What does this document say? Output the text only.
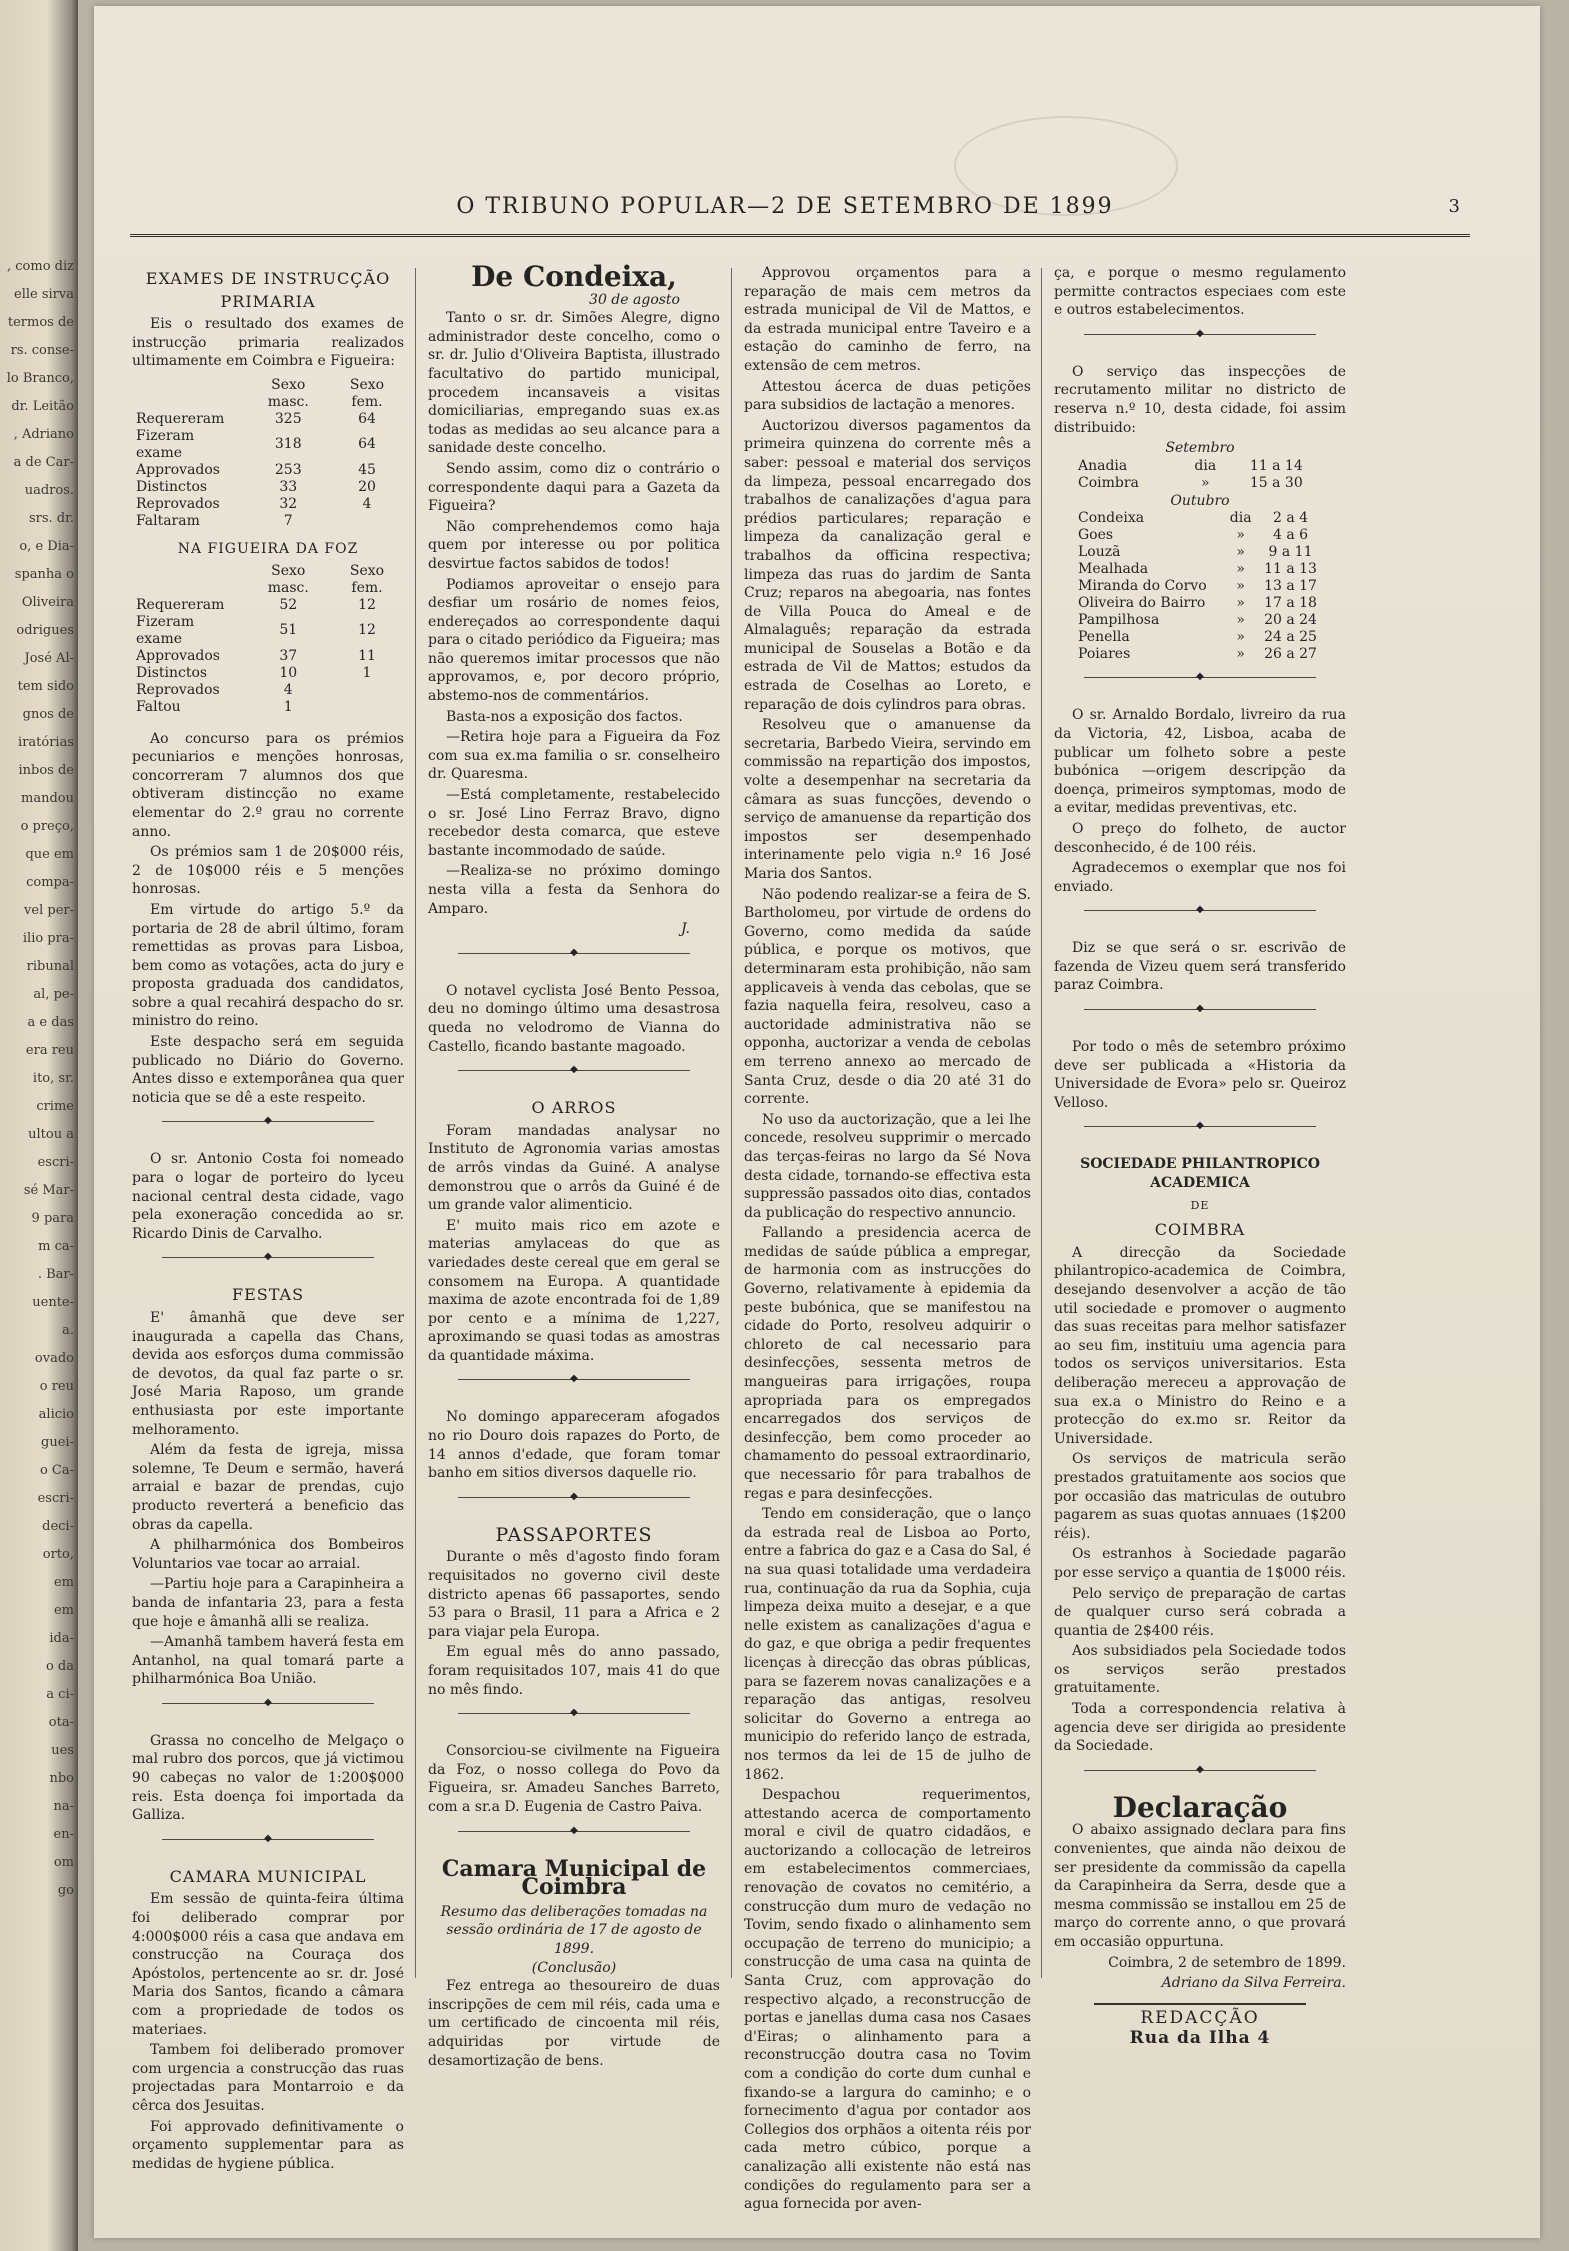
, como diz
elle sirva
termos de
rs. conse-
lo Branco,
dr. Leitão
, Adriano
a de Car-
uadros.
srs. dr.
o, e Dia-
spanha o
Oliveira
odrigues
José Al-
tem sido
gnos de
iratórias
inbos de
mandou
o preço,
que em
compa-
vel per-
ilio pra-
ribunal
al, pe-
a e das
era reu
ito, sr.
crime
ultou a
escri-
sé Mar-
9 para
m ca-
. Bar-
uente-
a.
ovado
o reu
alicio
guei-
o Ca-
escri-
deci-
orto,
em
em
ida-
o da
a ci-
ota-
ues
nbo
na-
en-
om
go
O TRIBUNO POPULAR—2 DE SETEMBRO DE 1899	3
EXAMES DE INSTRUCÇÃO
PRIMARIA

Eis o resultado dos exames de instrucção primaria realizados ultimamente em Coimbra e Figueira:

	Sexo masc.	Sexo fem.
Requereram	325	64
Fizeram exame	318	64
Approvados	253	45
Distinctos	33	20
Reprovados	32	4
Faltaram	7	
NA FIGUEIRA DA FOZ
	Sexo masc.	Sexo fem.
Requereram	52	12
Fizeram exame	51	12
Approvados	37	11
Distinctos	10	1
Reprovados	4	
Faltou	1	

Ao concurso para os prémios pecuniarios e menções honrosas, concorreram 7 alumnos dos que obtiveram distincção no exame elementar do 2.º grau no corrente anno.

Os prémios sam 1 de 20$000 réis, 2 de 10$000 réis e 5 menções honrosas.

Em virtude do artigo 5.º da portaria de 28 de abril último, foram remettidas as provas para Lisboa, bem como as votações, acta do jury e proposta graduada dos candidatos, sobre a qual recahirá despacho do sr. ministro do reino.

Este despacho será em seguida publicado no Diário do Governo. Antes disso e extemporânea qua quer noticia que se dê a este respeito.

◆

O sr. Antonio Costa foi nomeado para o logar de porteiro do lyceu nacional central desta cidade, vago pela exoneração concedida ao sr. Ricardo Dinis de Carvalho.

◆
FESTAS

E' âmanhã que deve ser inaugurada a capella das Chans, devida aos esforços duma commissão de devotos, da qual faz parte o sr. José Maria Raposo, um grande enthusiasta por este importante melhoramento.

Além da festa de igreja, missa solemne, Te Deum e sermão, haverá arraial e bazar de prendas, cujo producto reverterá a beneficio das obras da capella.

A philharmónica dos Bombeiros Voluntarios vae tocar ao arraial.

—Partiu hoje para a Carapinheira a banda de infantaria 23, para a festa que hoje e âmanhã alli se realiza.

—Amanhã tambem haverá festa em Antanhol, na qual tomará parte a philharmónica Boa União.

◆

Grassa no concelho de Melgaço o mal rubro dos porcos, que já victimou 90 cabeças no valor de 1:200$000 reis. Esta doença foi importada da Galliza.

◆
CAMARA MUNICIPAL

Em sessão de quinta-feira última foi deliberado comprar por 4:000$000 réis a casa que andava em construcção na Couraça dos Apóstolos, pertencente ao sr. dr. José Maria dos Santos, ficando a câmara com a propriedade de todos os materiaes.

Tambem foi deliberado promover com urgencia a construcção das ruas projectadas para Montarroio e da cêrca dos Jesuitas.

Foi approvado definitivamente o orçamento supplementar para as medidas de hygiene pública.

De Condeixa,
30 de agosto

Tanto o sr. dr. Simões Alegre, digno administrador deste concelho, como o sr. dr. Julio d'Oliveira Baptista, illustrado facultativo do partido municipal, procedem incansaveis a visitas domiciliarias, empregando suas ex.as todas as medidas ao seu alcance para a sanidade deste concelho.

Sendo assim, como diz o contrário o correspondente daqui para a Gazeta da Figueira?

Não comprehendemos como haja quem por interesse ou por politica desvirtue factos sabidos de todos!

Podiamos aproveitar o ensejo para desfiar um rosário de nomes feios, endereçados ao correspondente daqui para o citado periódico da Figueira; mas não queremos imitar processos que não approvamos, e, por decoro próprio, abstemo-nos de commentários.

Basta-nos a exposição dos factos.

—Retira hoje para a Figueira da Foz com sua ex.ma familia o sr. conselheiro dr. Quaresma.

—Está completamente, restabelecido o sr. José Lino Ferraz Bravo, digno recebedor desta comarca, que esteve bastante incommodado de saúde.

—Realiza-se no próximo domingo nesta villa a festa da Senhora do Amparo.

J.
◆

O notavel cyclista José Bento Pessoa, deu no domingo último uma desastrosa queda no velodromo de Vianna do Castello, ficando bastante magoado.

◆
O ARROS

Foram mandadas analysar no Instituto de Agronomia varias amostas de arrôs vindas da Guiné. A analyse demonstrou que o arrôs da Guiné é de um grande valor alimenticio.

E' muito mais rico em azote e materias amylaceas do que as variedades deste cereal que em geral se consomem na Europa. A quantidade maxima de azote encontrada foi de 1,89 por cento e a mínima de 1,227, aproximando se quasi todas as amostras da quantidade máxima.

◆

No domingo appareceram afogados no rio Douro dois rapazes do Porto, de 14 annos d'edade, que foram tomar banho em sitios diversos daquelle rio.

◆
PASSAPORTES

Durante o mês d'agosto findo foram requisitados no governo civil deste districto apenas 66 passaportes, sendo 53 para o Brasil, 11 para a Africa e 2 para viajar pela Europa.

Em egual mês do anno passado, foram requisitados 107, mais 41 do que no mês findo.

◆

Consorciou-se civilmente na Figueira da Foz, o nosso collega do Povo da Figueira, sr. Amadeu Sanches Barreto, com a sr.a D. Eugenia de Castro Paiva.

◆
Camara Municipal de Coimbra
Resumo das deliberações tomadas na sessão ordinária de 17 de agosto de 1899.
(Conclusão)

Fez entrega ao thesoureiro de duas inscripções de cem mil réis, cada uma e um certificado de cincoenta mil réis, adquiridas por virtude de desamortização de bens.

Approvou orçamentos para a reparação de mais cem metros da estrada municipal de Vil de Mattos, e da estrada municipal entre Taveiro e a estação do caminho de ferro, na extensão de cem metros.

Attestou ácerca de duas petições para subsidios de lactação a menores.

Auctorizou diversos pagamentos da primeira quinzena do corrente mês a saber: pessoal e material dos serviços da limpeza, pessoal encarregado dos trabalhos de canalizações d'agua para prédios particulares; reparação e limpeza da canalização geral e trabalhos da officina respectiva; limpeza das ruas do jardim de Santa Cruz; reparos na abegoaria, nas fontes de Villa Pouca do Ameal e de Almalaguês; reparação da estrada municipal de Souselas a Botão e da estrada de Vil de Mattos; estudos da estrada de Coselhas ao Loreto, e reparação de dois cylindros para obras.

Resolveu que o amanuense da secretaria, Barbedo Vieira, servindo em commissão na repartição dos impostos, volte a desempenhar na secretaria da câmara as suas funcções, devendo o serviço de amanuense da repartição dos impostos ser desempenhado interinamente pelo vigia n.º 16 José Maria dos Santos.

Não podendo realizar-se a feira de S. Bartholomeu, por virtude de ordens do Governo, como medida da saúde pública, e porque os motivos, que determinaram esta prohibição, não sam applicaveis à venda das cebolas, que se fazia naquella feira, resolveu, caso a auctoridade administrativa não se opponha, auctorizar a venda de cebolas em terreno annexo ao mercado de Santa Cruz, desde o dia 20 até 31 do corrente.

No uso da auctorização, que a lei lhe concede, resolveu supprimir o mercado das terças-feiras no largo da Sé Nova desta cidade, tornando-se effectiva esta suppressão passados oito dias, contados da publicação do respectivo annuncio.

Fallando a presidencia acerca de medidas de saúde pública a empregar, de harmonia com as instrucções do Governo, relativamente à epidemia da peste bubónica, que se manifestou na cidade do Porto, resolveu adquirir o chloreto de cal necessario para desinfecções, sessenta metros de mangueiras para irrigações, roupa apropriada para os empregados encarregados dos serviços de desinfecção, bem como proceder ao chamamento do pessoal extraordinario, que necessario fôr para trabalhos de regas e para desinfecções.

Tendo em consideração, que o lanço da estrada real de Lisboa ao Porto, entre a fabrica do gaz e a Casa do Sal, é na sua quasi totalidade uma verdadeira rua, continuação da rua da Sophia, cuja limpeza deixa muito a desejar, e a que nelle existem as canalizações d'agua e do gaz, e que obriga a pedir frequentes licenças à direcção das obras públicas, para se fazerem novas canalizações e a reparação das antigas, resolveu solicitar do Governo a entrega ao municipio do referido lanço de estrada, nos termos da lei de 15 de julho de 1862.

Despachou requerimentos, attestando acerca de comportamento moral e civil de quatro cidadãos, e auctorizando a collocação de letreiros em estabelecimentos commerciaes, renovação de covatos no cemitério, a construcção dum muro de vedação no Tovim, sendo fixado o alinhamento sem occupação de terreno do municipio; a construcção de uma casa na quinta de Santa Cruz, com approvação do respectivo alçado, a reconstrucção de portas e janellas duma casa nos Casaes d'Eiras; o alinhamento para a reconstrucção doutra casa no Tovim com a condição do corte dum cunhal e fixando-se a largura do caminho; e o fornecimento d'agua por contador aos Collegios dos orphãos a oitenta réis por cada metro cúbico, porque a canalização alli existente não está nas condições do regulamento para ser a agua fornecida por aven-

ça, e porque o mesmo regulamento permitte contractos especiaes com este e outros estabelecimentos.

◆

O serviço das inspecções de recrutamento militar no districto de reserva n.º 10, desta cidade, foi assim distribuido:

Setembro
Anadia	dia	11 a 14
Coimbra	»	15 a 30
Outubro
Condeixa	dia	2 a 4
Goes	»	4 a 6
Louzã	»	9 a 11
Mealhada	»	11 a 13
Miranda do Corvo	»	13 a 17
Oliveira do Bairro	»	17 a 18
Pampilhosa	»	20 a 24
Penella	»	24 a 25
Poiares	»	26 a 27
◆

O sr. Arnaldo Bordalo, livreiro da rua da Victoria, 42, Lisboa, acaba de publicar um folheto sobre a peste bubónica —origem descripção da doença, primeiros symptomas, modo de a evitar, medidas preventivas, etc.

O preço do folheto, de auctor desconhecido, é de 100 réis.

Agradecemos o exemplar que nos foi enviado.

◆

Diz se que será o sr. escrivão de fazenda de Vizeu quem será transferido paraz Coimbra.

◆

Por todo o mês de setembro próximo deve ser publicada a «Historia da Universidade de Evora» pelo sr. Queiroz Velloso.

◆
SOCIEDADE PHILANTROPICO ACADEMICA
DE
COIMBRA

A direcção da Sociedade philantropico-academica de Coimbra, desejando desenvolver a acção de tão util sociedade e promover o augmento das suas receitas para melhor satisfazer ao seu fim, instituiu uma agencia para todos os serviços universitarios. Esta deliberação mereceu a approvação de sua ex.a o Ministro do Reino e a protecção do ex.mo sr. Reitor da Universidade.

Os serviços de matricula serão prestados gratuitamente aos socios que por occasião das matriculas de outubro pagarem as suas quotas annuaes (1$200 réis).

Os estranhos à Sociedade pagarão por esse serviço a quantia de 1$000 réis.

Pelo serviço de preparação de cartas de qualquer curso será cobrada a quantia de 2$400 réis.

Aos subsidiados pela Sociedade todos os serviços serão prestados gratuitamente.

Toda a correspondencia relativa à agencia deve ser dirigida ao presidente da Sociedade.

◆
Declaração

O abaixo assignado declara para fins convenientes, que ainda não deixou de ser presidente da commissão da capella da Carapinheira da Serra, desde que a mesma commissão se installou em 25 de março do corrente anno, o que provará em occasião oppurtuna.

Coimbra, 2 de setembro de 1899.

Adriano da Silva Ferreira.

REDACÇÃO
Rua da Ilha 4
